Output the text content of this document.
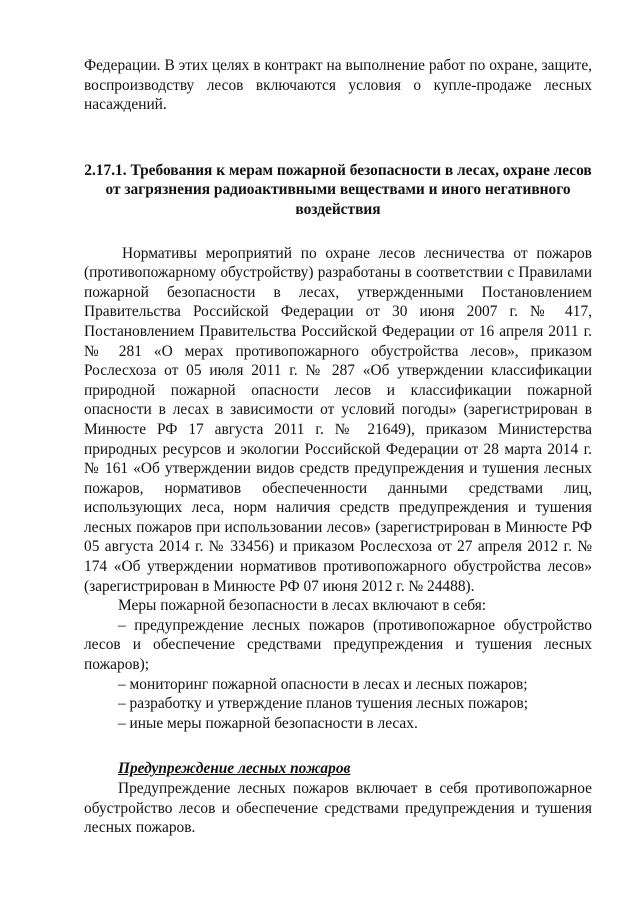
Федерации. В этих целях в контракт на выполнение работ по охране, защите, воспроизводству лесов включаются условия о купле-продаже лесных насаждений.

2.17.1. Требования к мерам пожарной безопасности в лесах, охране лесов от загрязнения радиоактивными веществами и иного негативного воздействия

Нормативы мероприятий по охране лесов лесничества от пожаров (противопожарному обустройству) разработаны в соответствии с Правилами пожарной безопасности в лесах, утвержденными Постановлением Правительства Российской Федерации от 30 июня 2007 г. № 417, Постановлением Правительства Российской Федерации от 16 апреля 2011 г. № 281 «О мерах противопожарного обустройства лесов», приказом Рослесхоза от 05 июля 2011 г. № 287 «Об утверждении классификации природной пожарной опасности лесов и классификации пожарной опасности в лесах в зависимости от условий погоды» (зарегистрирован в Минюсте РФ 17 августа 2011 г. № 21649), приказом Министерства природных ресурсов и экологии Российской Федерации от 28 марта 2014 г. № 161 «Об утверждении видов средств предупреждения и тушения лесных пожаров, нормативов обеспеченности данными средствами лиц, использующих леса, норм наличия средств предупреждения и тушения лесных пожаров при использовании лесов» (зарегистрирован в Минюсте РФ 05 августа 2014 г. № 33456) и приказом Рослесхоза от 27 апреля 2012 г. № 174 «Об утверждении нормативов противопожарного обустройства лесов» (зарегистрирован в Минюсте РФ 07 июня 2012 г. № 24488).

Меры пожарной безопасности в лесах включают в себя:

– предупреждение лесных пожаров (противопожарное обустройство лесов и обеспечение средствами предупреждения и тушения лесных пожаров);

– мониторинг пожарной опасности в лесах и лесных пожаров;

– разработку и утверждение планов тушения лесных пожаров;

– иные меры пожарной безопасности в лесах.

Предупреждение лесных пожаров

Предупреждение лесных пожаров включает в себя противопожарное обустройство лесов и обеспечение средствами предупреждения и тушения лесных пожаров.
